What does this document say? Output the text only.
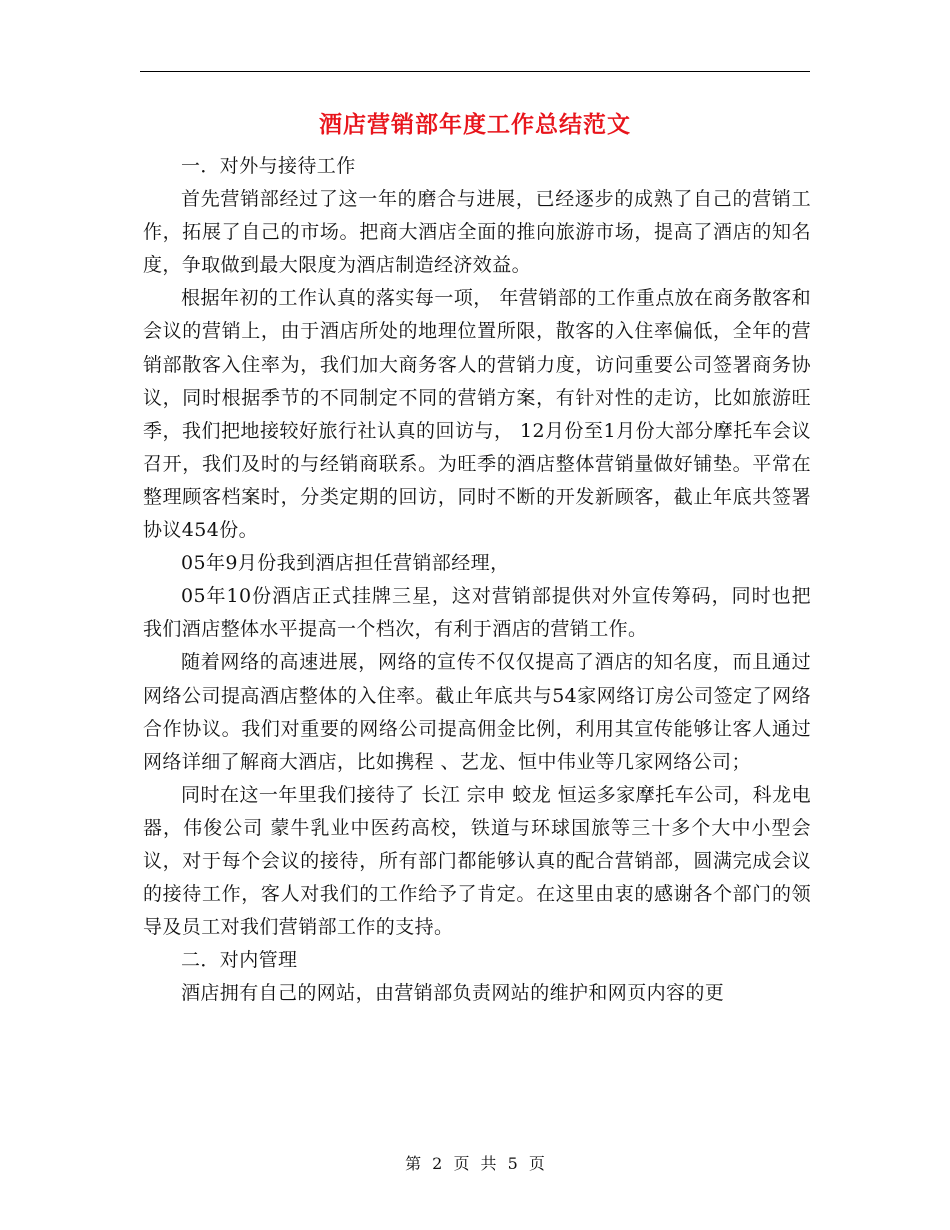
酒店营销部年度工作总结范文

一．对外与接待工作

首先营销部经过了这一年的磨合与进展，已经逐步的成熟了自己的营销工作，拓展了自己的市场。把商大酒店全面的推向旅游市场，提高了酒店的知名度，争取做到最大限度为酒店制造经济效益。

根据年初的工作认真的落实每一项， 年营销部的工作重点放在商务散客和会议的营销上，由于酒店所处的地理位置所限，散客的入住率偏低，全年的营销部散客入住率为，我们加大商务客人的营销力度，访问重要公司签署商务协议，同时根据季节的不同制定不同的营销方案，有针对性的走访，比如旅游旺季，我们把地接较好旅行社认真的回访与， 12月份至1月份大部分摩托车会议召开，我们及时的与经销商联系。为旺季的酒店整体营销量做好铺垫。平常在整理顾客档案时，分类定期的回访，同时不断的开发新顾客，截止年底共签署协议454份。

05年9月份我到酒店担任营销部经理，

05年10份酒店正式挂牌三星，这对营销部提供对外宣传筹码，同时也把我们酒店整体水平提高一个档次，有利于酒店的营销工作。

随着网络的高速进展，网络的宣传不仅仅提高了酒店的知名度，而且通过网络公司提高酒店整体的入住率。截止年底共与54家网络订房公司签定了网络合作协议。我们对重要的网络公司提高佣金比例，利用其宣传能够让客人通过网络详细了解商大酒店，比如携程 、艺龙、恒中伟业等几家网络公司；

同时在这一年里我们接待了 长江 宗申 蛟龙 恒运多家摩托车公司，科龙电器，伟俊公司 蒙牛乳业中医药高校，铁道与环球国旅等三十多个大中小型会议，对于每个会议的接待，所有部门都能够认真的配合营销部，圆满完成会议的接待工作，客人对我们的工作给予了肯定。在这里由衷的感谢各个部门的领导及员工对我们营销部工作的支持。

二．对内管理

酒店拥有自己的网站，由营销部负责网站的维护和网页内容的更

第 2 页 共 5 页
